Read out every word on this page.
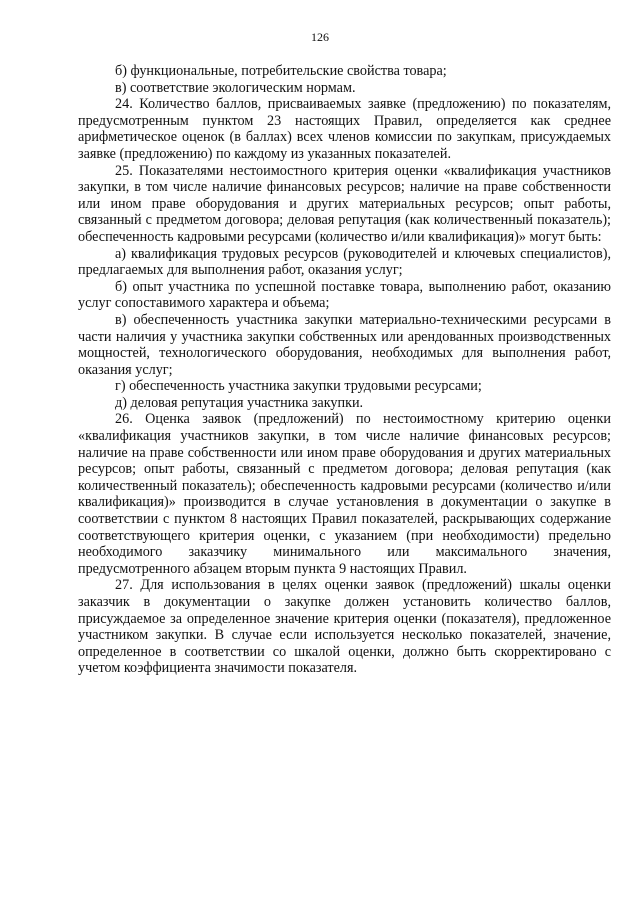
126

б) функциональные, потребительские свойства товара;

в) соответствие экологическим нормам.

24. Количество баллов, присваиваемых заявке (предложению) по показателям, предусмотренным пунктом 23 настоящих Правил, определяется как среднее арифметическое оценок (в баллах) всех членов комиссии по закупкам, присуждаемых заявке (предложению) по каждому из указанных показателей.

25. Показателями нестоимостного критерия оценки «квалификация участников закупки, в том числе наличие финансовых ресурсов; наличие на праве собственности или ином праве оборудования и других материальных ресурсов; опыт работы, связанный с предметом договора; деловая репутация (как количественный показатель); обеспеченность кадровыми ресурсами (количество и/или квалификация)» могут быть:

а) квалификация трудовых ресурсов (руководителей и ключевых специалистов), предлагаемых для выполнения работ, оказания услуг;

б) опыт участника по успешной поставке товара, выполнению работ, оказанию услуг сопоставимого характера и объема;

в) обеспеченность участника закупки материально-техническими ресурсами в части наличия у участника закупки собственных или арендованных производственных мощностей, технологического оборудования, необходимых для выполнения работ, оказания услуг;

г) обеспеченность участника закупки трудовыми ресурсами;

д) деловая репутация участника закупки.

26. Оценка заявок (предложений) по нестоимостному критерию оценки «квалификация участников закупки, в том числе наличие финансовых ресурсов; наличие на праве собственности или ином праве оборудования и других материальных ресурсов; опыт работы, связанный с предметом договора; деловая репутация (как количественный показатель); обеспеченность кадровыми ресурсами (количество и/или квалификация)» производится в случае установления в документации о закупке в соответствии с пунктом 8 настоящих Правил показателей, раскрывающих содержание соответствующего критерия оценки, с указанием (при необходимости) предельно необходимого заказчику минимального или максимального значения, предусмотренного абзацем вторым пункта 9 настоящих Правил.

27. Для использования в целях оценки заявок (предложений) шкалы оценки заказчик в документации о закупке должен установить количество баллов, присуждаемое за определенное значение критерия оценки (показателя), предложенное участником закупки. В случае если используется несколько показателей, значение, определенное в соответствии со шкалой оценки, должно быть скорректировано с учетом коэффициента значимости показателя.
